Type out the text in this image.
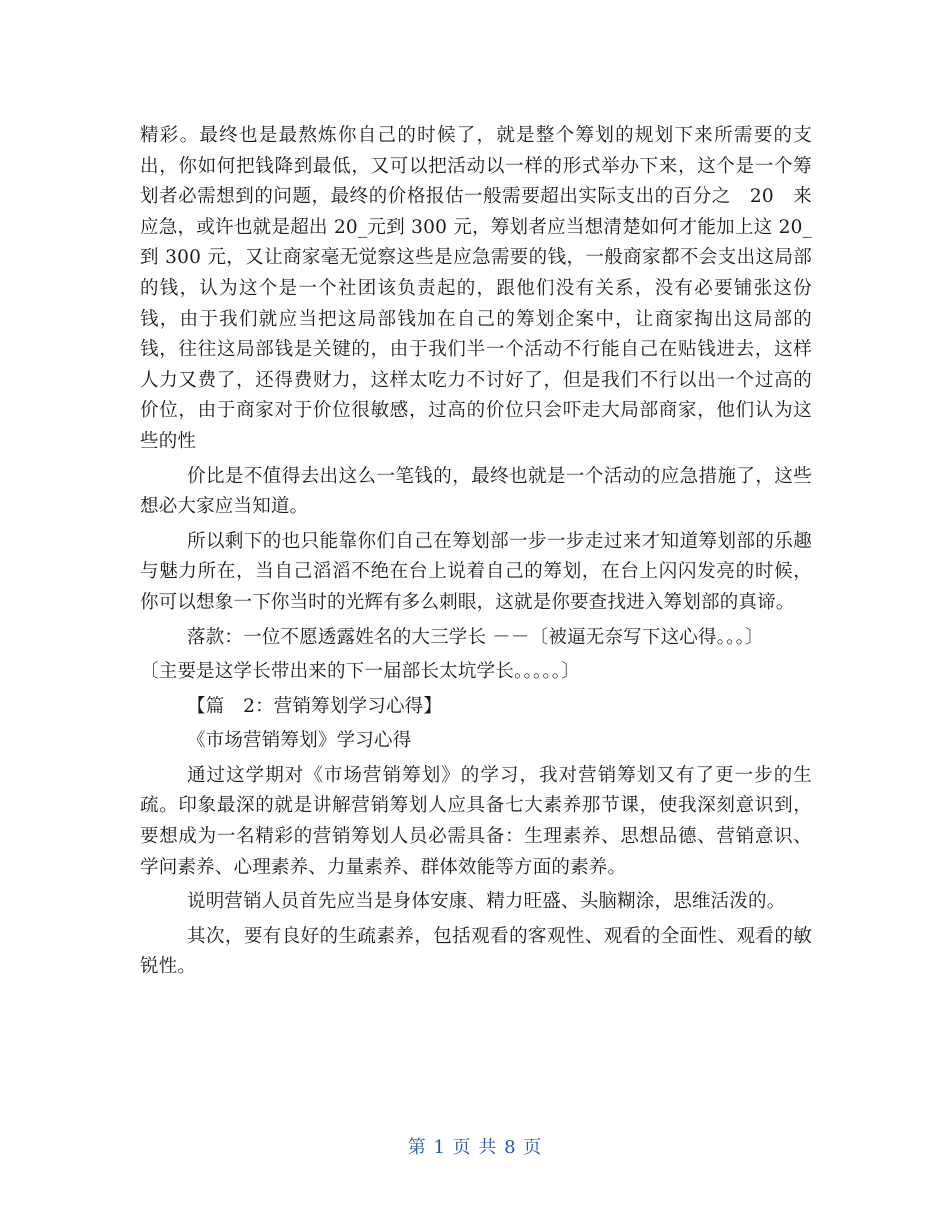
精彩。最终也是最熬炼你自己的时候了，就是整个筹划的规划下来所需要的支出，你如何把钱降到最低，又可以把活动以一样的形式举办下来，这个是一个筹划者必需想到的问题，最终的价格报估一般需要超出实际支出的百分之　20　来应急，或许也就是超出 20_元到 300 元，筹划者应当想清楚如何才能加上这 20_到 300 元，又让商家毫无觉察这些是应急需要的钱，一般商家都不会支出这局部的钱，认为这个是一个社团该负责起的，跟他们没有关系，没有必要铺张这份钱，由于我们就应当把这局部钱加在自己的筹划企案中，让商家掏出这局部的钱，往往这局部钱是关键的，由于我们半一个活动不行能自己在贴钱进去，这样人力又费了，还得费财力，这样太吃力不讨好了，但是我们不行以出一个过高的价位，由于商家对于价位很敏感，过高的价位只会吓走大局部商家，他们认为这些的性

价比是不值得去出这么一笔钱的，最终也就是一个活动的应急措施了，这些想必大家应当知道。

所以剩下的也只能靠你们自己在筹划部一步一步走过来才知道筹划部的乐趣与魅力所在，当自己滔滔不绝在台上说着自己的筹划，在台上闪闪发亮的时候，你可以想象一下你当时的光辉有多么刺眼，这就是你要查找进入筹划部的真谛。

落款：一位不愿透露姓名的大三学长 －－〔被逼无奈写下这心得。。。〕

〔主要是这学长带出来的下一届部长太坑学长。。。。。〕

【篇　2：营销筹划学习心得】

《市场营销筹划》学习心得

通过这学期对《市场营销筹划》的学习，我对营销筹划又有了更一步的生疏。印象最深的就是讲解营销筹划人应具备七大素养那节课，使我深刻意识到，要想成为一名精彩的营销筹划人员必需具备：生理素养、思想品德、营销意识、学问素养、心理素养、力量素养、群体效能等方面的素养。

说明营销人员首先应当是身体安康、精力旺盛、头脑糊涂，思维活泼的。

其次，要有良好的生疏素养，包括观看的客观性、观看的全面性、观看的敏锐性。

第 1 页 共 8 页
